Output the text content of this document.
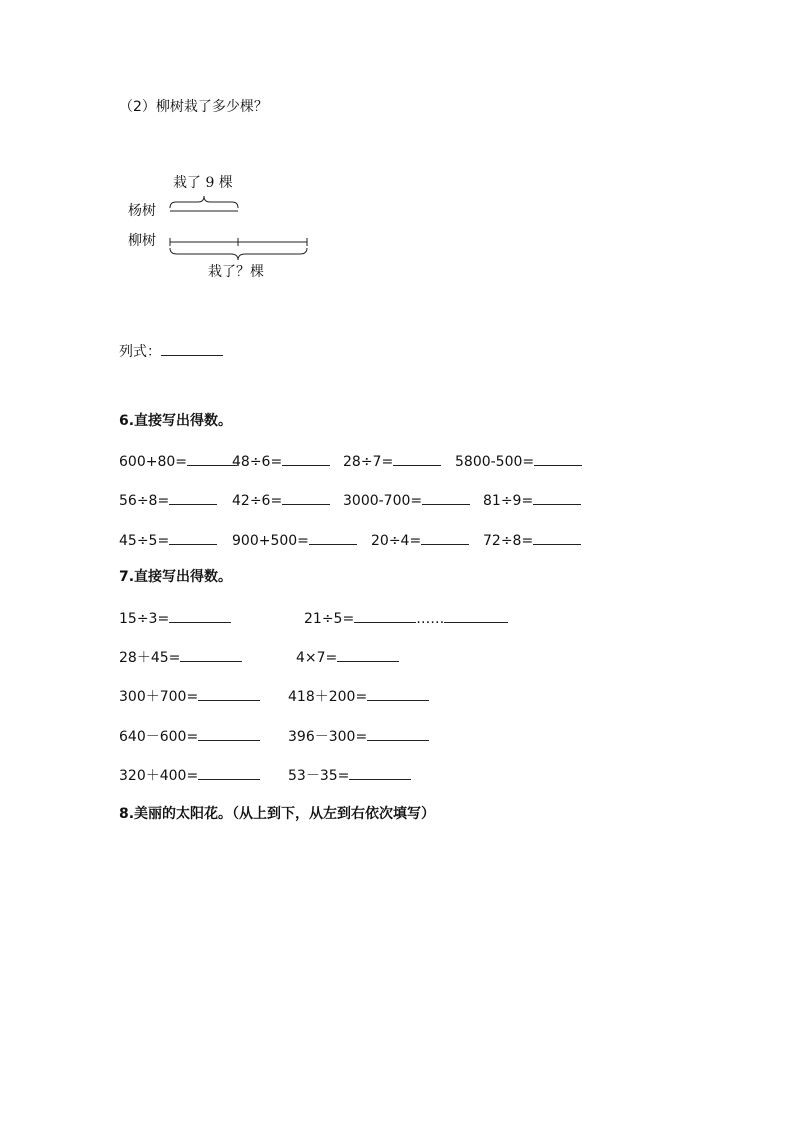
（2）柳树栽了多少棵？
栽了 9 棵
杨树
柳树
栽了？棵
列式：
6.直接写出得数。
600+80=	48÷6=	28÷7=	5800-500=
56÷8=	42÷6=	3000-700=	81÷9=
45÷5=	900+500=	20÷4=	72÷8=
7.直接写出得数。
15÷3=	21÷5=	……
28＋45=	4×7=
300＋700=	418＋200=
640－600=	396－300=
320＋400=	53－35=
8.美丽的太阳花。（从上到下，从左到右依次填写）
